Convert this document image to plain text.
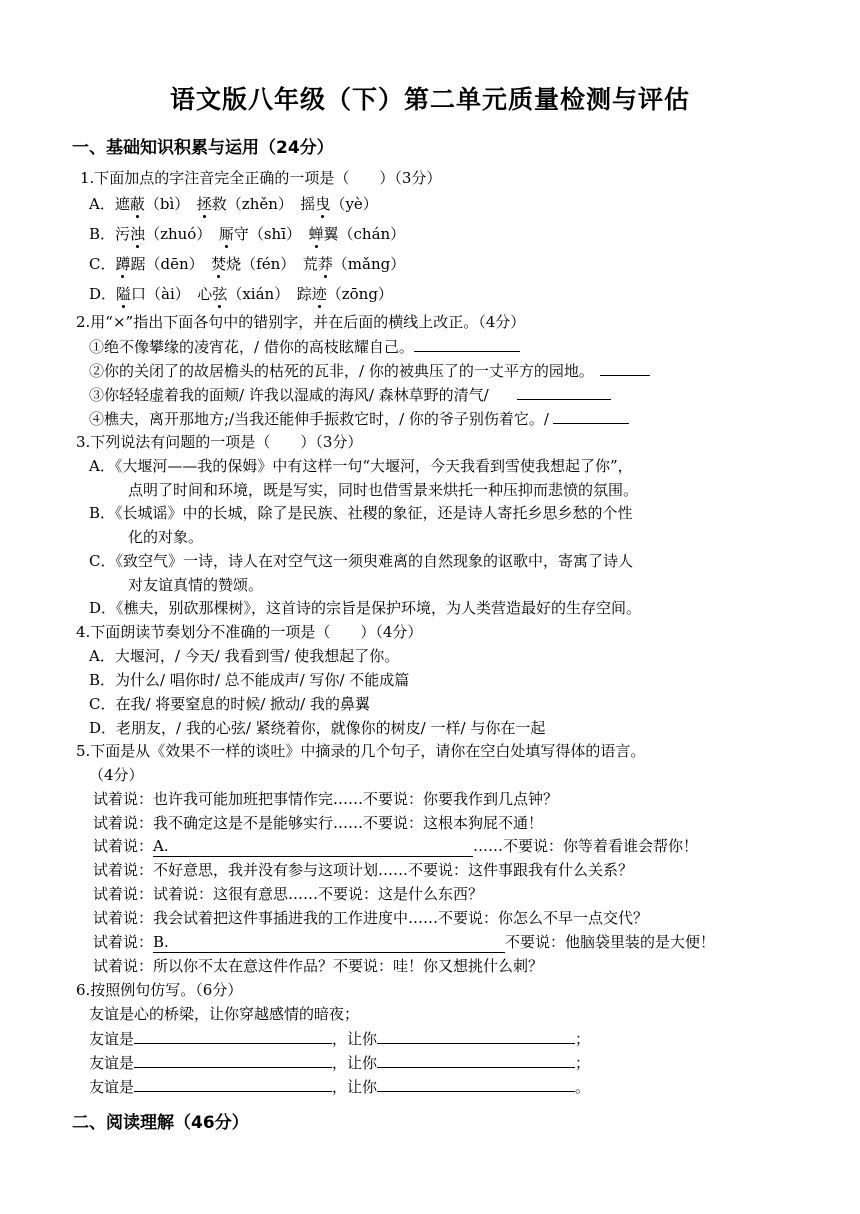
语文版八年级（下）第二单元质量检测与评估
一、基础知识积累与运用（24分）
1.下面加点的字注音完全正确的一项是（　　）（3分）
A．遮蔽（bì）　拯救（zhěn）　摇曳（yè）
B．污浊（zhuó）　厮守（shī）　蝉翼（chán）
C．蹲踞（dēn）　焚烧（fén）　荒莽（mǎng）
D．隘口（ài）　心弦（xián）　踪迹（zōng）
2.用“×”指出下面各句中的错别字，并在后面的横线上改正。（4分）
①绝不像攀缘的凌宵花，/ 借你的高枝眩耀自己。
②你的关闭了的故居檐头的枯死的瓦非，/ 你的被典压了的一丈平方的园地。
③你轻轻虚着我的面颊/ 许我以湿咸的海风/ 森林草野的清气/
④樵夫，离开那地方;/当我还能伸手振救它时，/ 你的爷子别伤着它。/
3.下列说法有问题的一项是（　　）（3分）
A．《大堰河——我的保姆》中有这样一句“大堰河，今天我看到雪使我想起了你”，
点明了时间和环境，既是写实，同时也借雪景来烘托一种压抑而悲愤的氛围。
B．《长城谣》中的长城，除了是民族、社稷的象征，还是诗人寄托乡思乡愁的个性
化的对象。
C．《致空气》一诗，诗人在对空气这一须臾难离的自然现象的讴歌中，寄寓了诗人
对友谊真情的赞颂。
D．《樵夫，别砍那棵树》，这首诗的宗旨是保护环境，为人类营造最好的生存空间。
4.下面朗读节奏划分不准确的一项是（　　）（4分）
A．大堰河，/ 今天/ 我看到雪/ 使我想起了你。
B．为什么/ 唱你时/ 总不能成声/ 写你/ 不能成篇
C．在我/ 将要窒息的时候/ 掀动/ 我的鼻翼
D．老朋友，/ 我的心弦/ 紧绕着你，就像你的树皮/ 一样/ 与你在一起
5.下面是从《效果不一样的谈吐》中摘录的几个句子，请你在空白处填写得体的语言。
（4分）
试着说：也许我可能加班把事情作完……不要说：你要我作到几点钟？
试着说：我不确定这是不是能够实行……不要说：这根本狗屁不通！
试着说：A.	……不要说：你等着看谁会帮你！
试着说：不好意思，我并没有参与这项计划……不要说：这件事跟我有什么关系？
试着说：试着说：这很有意思……不要说：这是什么东西？
试着说：我会试着把这件事插进我的工作进度中……不要说：你怎么不早一点交代？
试着说：B.	不要说：他脑袋里装的是大便！
试着说：所以你不太在意这件作品？不要说：哇！你又想挑什么刺？
6.按照例句仿写。（6分）
友谊是心的桥梁，让你穿越感情的暗夜；
友谊是	，让你	；
友谊是	，让你	；
友谊是	，让你	。
二、阅读理解（46分）
